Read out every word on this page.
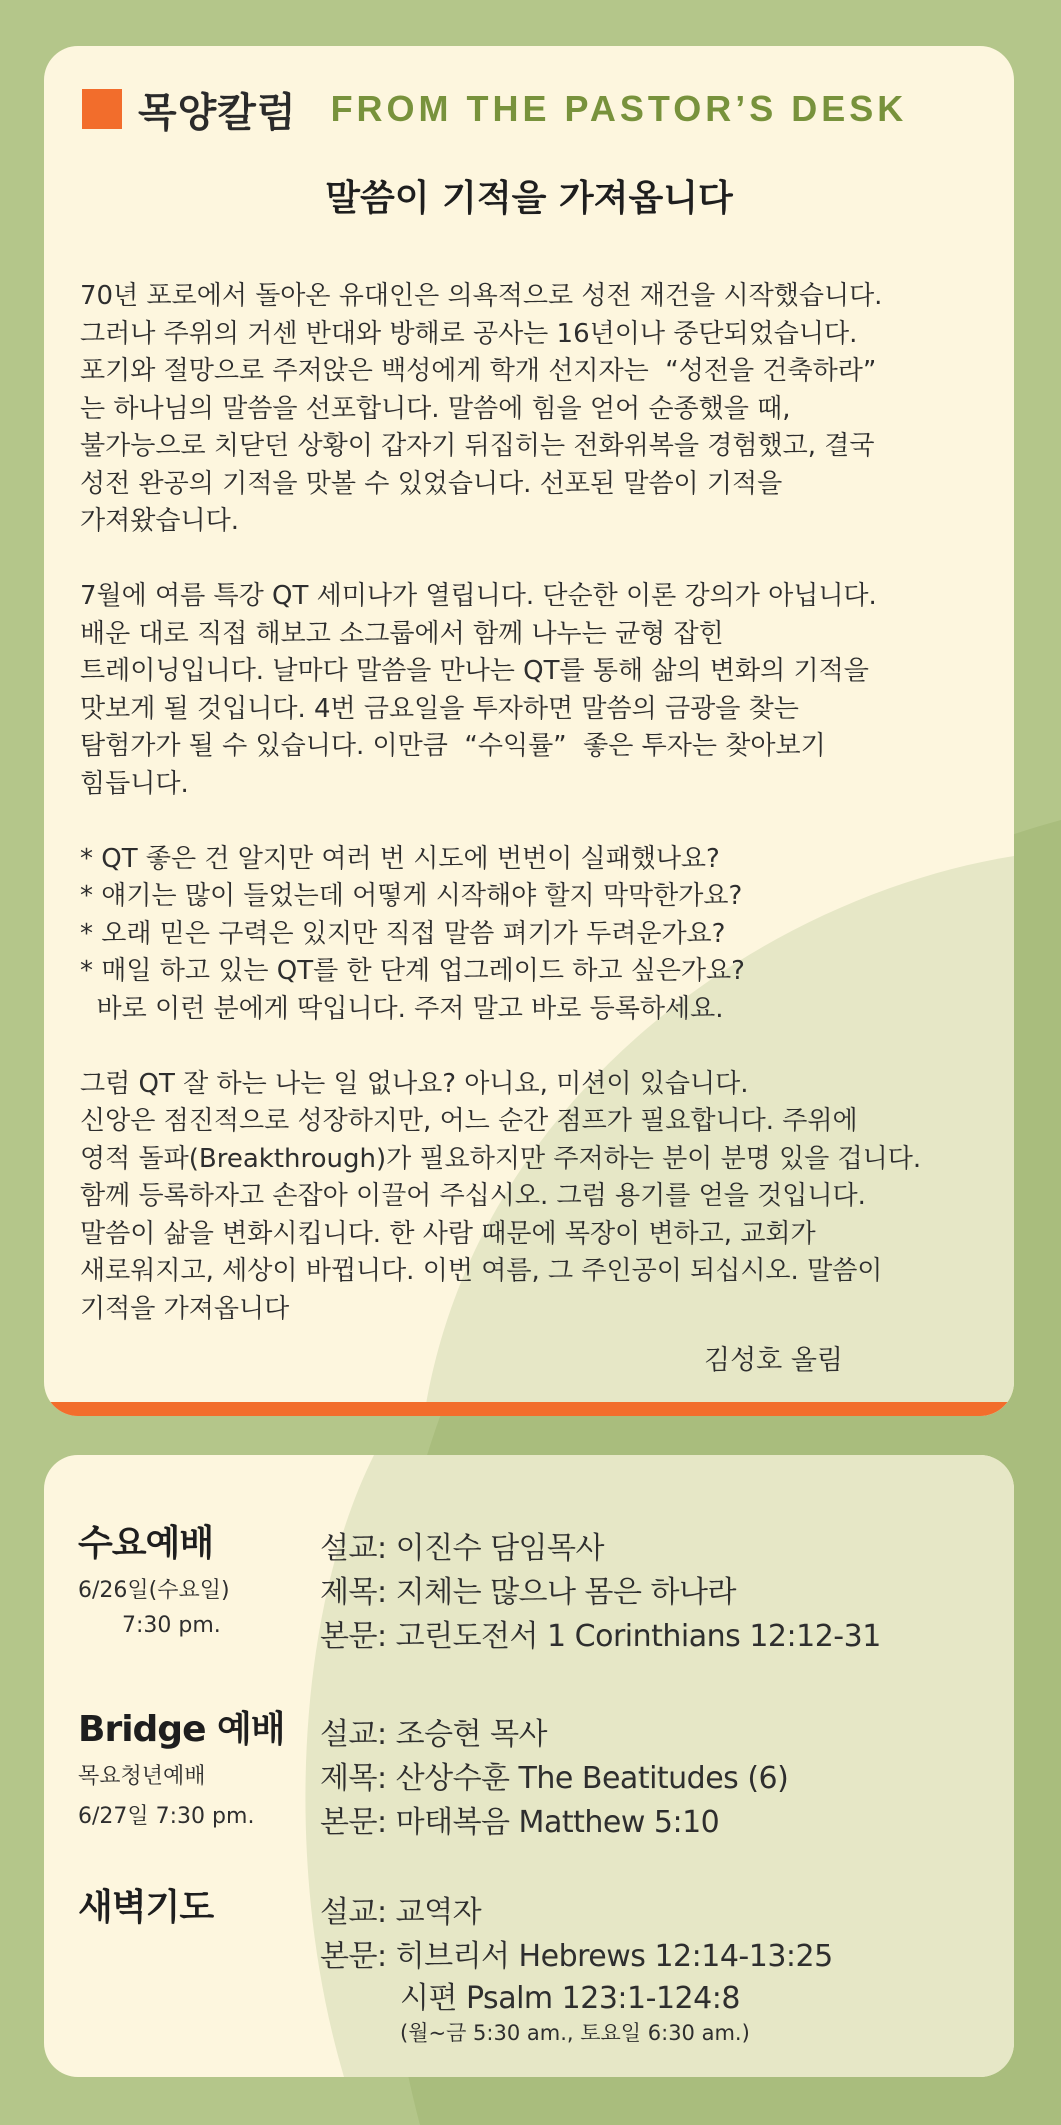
목양칼럼 FROM THE PASTOR’S DESK
말씀이 기적을 가져옵니다
70년 포로에서 돌아온 유대인은 의욕적으로 성전 재건을 시작했습니다.
그러나 주위의 거센 반대와 방해로 공사는 16년이나 중단되었습니다.
포기와 절망으로 주저앉은 백성에게 학개 선지자는  “성전을 건축하라”
는 하나님의 말씀을 선포합니다. 말씀에 힘을 얻어 순종했을 때,
불가능으로 치닫던 상황이 갑자기 뒤집히는 전화위복을 경험했고, 결국
성전 완공의 기적을 맛볼 수 있었습니다. 선포된 말씀이 기적을
가져왔습니다.
7월에 여름 특강 QT 세미나가 열립니다. 단순한 이론 강의가 아닙니다.
배운 대로 직접 해보고 소그룹에서 함께 나누는 균형 잡힌
트레이닝입니다. 날마다 말씀을 만나는 QT를 통해 삶의 변화의 기적을
맛보게 될 것입니다. 4번 금요일을 투자하면 말씀의 금광을 찾는
탐험가가 될 수 있습니다. 이만큼  “수익률”  좋은 투자는 찾아보기
힘듭니다.
* QT 좋은 건 알지만 여러 번 시도에 번번이 실패했나요?
* 얘기는 많이 들었는데 어떻게 시작해야 할지 막막한가요?
* 오래 믿은 구력은 있지만 직접 말씀 펴기가 두려운가요?
* 매일 하고 있는 QT를 한 단계 업그레이드 하고 싶은가요?
바로 이런 분에게 딱입니다. 주저 말고 바로 등록하세요.
그럼 QT 잘 하는 나는 일 없나요? 아니요, 미션이 있습니다.
신앙은 점진적으로 성장하지만, 어느 순간 점프가 필요합니다. 주위에
영적 돌파(Breakthrough)가 필요하지만 주저하는 분이 분명 있을 겁니다.
함께 등록하자고 손잡아 이끌어 주십시오. 그럼 용기를 얻을 것입니다.
말씀이 삶을 변화시킵니다. 한 사람 때문에 목장이 변하고, 교회가
새로워지고, 세상이 바뀝니다. 이번 여름, 그 주인공이 되십시오. 말씀이
기적을 가져옵니다
김성호 올림
수요예배
6/26일(수요일)
7:30 pm.
설교: 이진수 담임목사
제목: 지체는 많으나 몸은 하나라
본문: 고린도전서 1 Corinthians 12:12-31
Bridge 예배
목요청년예배
6/27일 7:30 pm.
설교: 조승현 목사
제목: 산상수훈 The Beatitudes (6)
본문: 마태복음 Matthew 5:10
새벽기도	설교: 교역자
본문: 히브리서 Hebrews 12:14-13:25
시편 Psalm 123:1-124:8
(월~금 5:30 am., 토요일 6:30 am.)
